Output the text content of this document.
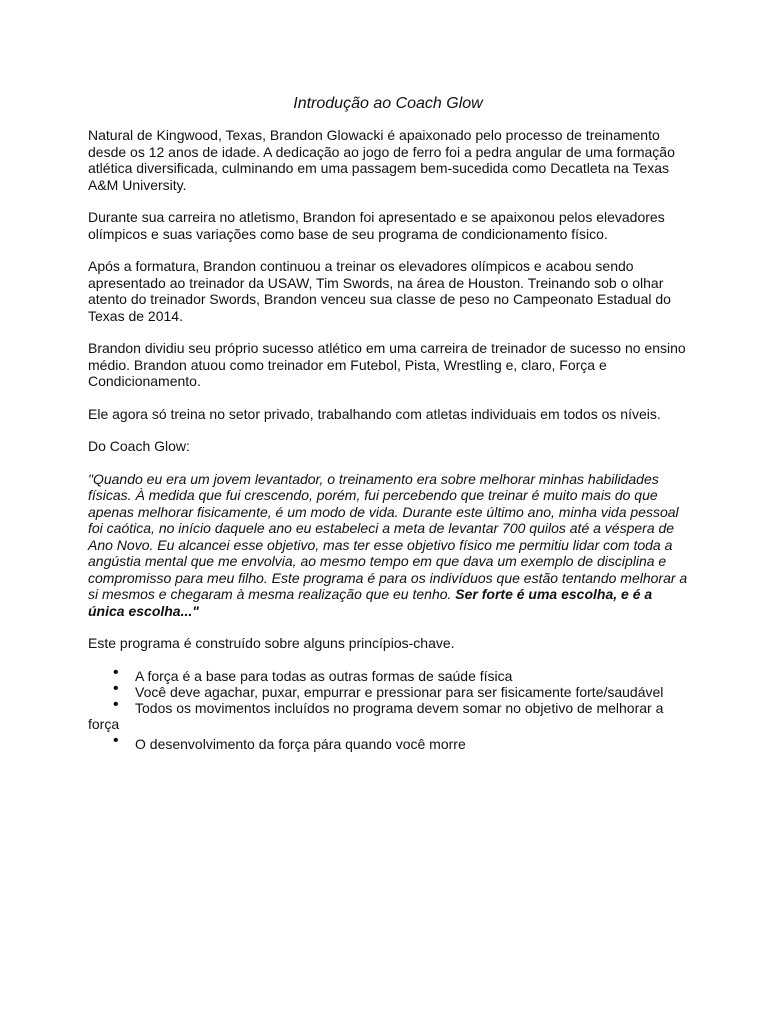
Introdução ao Coach Glow

Natural de Kingwood, Texas, Brandon Glowacki é apaixonado pelo processo de treinamento desde os 12 anos de idade. A dedicação ao jogo de ferro foi a pedra angular de uma formação atlética diversificada, culminando em uma passagem bem-sucedida como Decatleta na Texas A&M University.

Durante sua carreira no atletismo, Brandon foi apresentado e se apaixonou pelos elevadores olímpicos e suas variações como base de seu programa de condicionamento físico.

Após a formatura, Brandon continuou a treinar os elevadores olímpicos e acabou sendo apresentado ao treinador da USAW, Tim Swords, na área de Houston. Treinando sob o olhar atento do treinador Swords, Brandon venceu sua classe de peso no Campeonato Estadual do Texas de 2014.

Brandon dividiu seu próprio sucesso atlético em uma carreira de treinador de sucesso no ensino médio. Brandon atuou como treinador em Futebol, Pista, Wrestling e, claro, Força e Condicionamento.

Ele agora só treina no setor privado, trabalhando com atletas individuais em todos os níveis.

Do Coach Glow:

"Quando eu era um jovem levantador, o treinamento era sobre melhorar minhas habilidades físicas. À medida que fui crescendo, porém, fui percebendo que treinar é muito mais do que apenas melhorar fisicamente, é um modo de vida. Durante este último ano, minha vida pessoal foi caótica, no início daquele ano eu estabeleci a meta de levantar 700 quilos até a véspera de Ano Novo. Eu alcancei esse objetivo, mas ter esse objetivo físico me permitiu lidar com toda a angústia mental que me envolvia, ao mesmo tempo em que dava um exemplo de disciplina e compromisso para meu filho. Este programa é para os indivíduos que estão tentando melhorar a si mesmos e chegaram à mesma realização que eu tenho. Ser forte é uma escolha, e é a única escolha..."

Este programa é construído sobre alguns princípios-chave.

• A força é a base para todas as outras formas de saúde física
• Você deve agachar, puxar, empurrar e pressionar para ser fisicamente forte/saudável
• Todos os movimentos incluídos no programa devem somar no objetivo de melhorar a força
• O desenvolvimento da força pára quando você morre
